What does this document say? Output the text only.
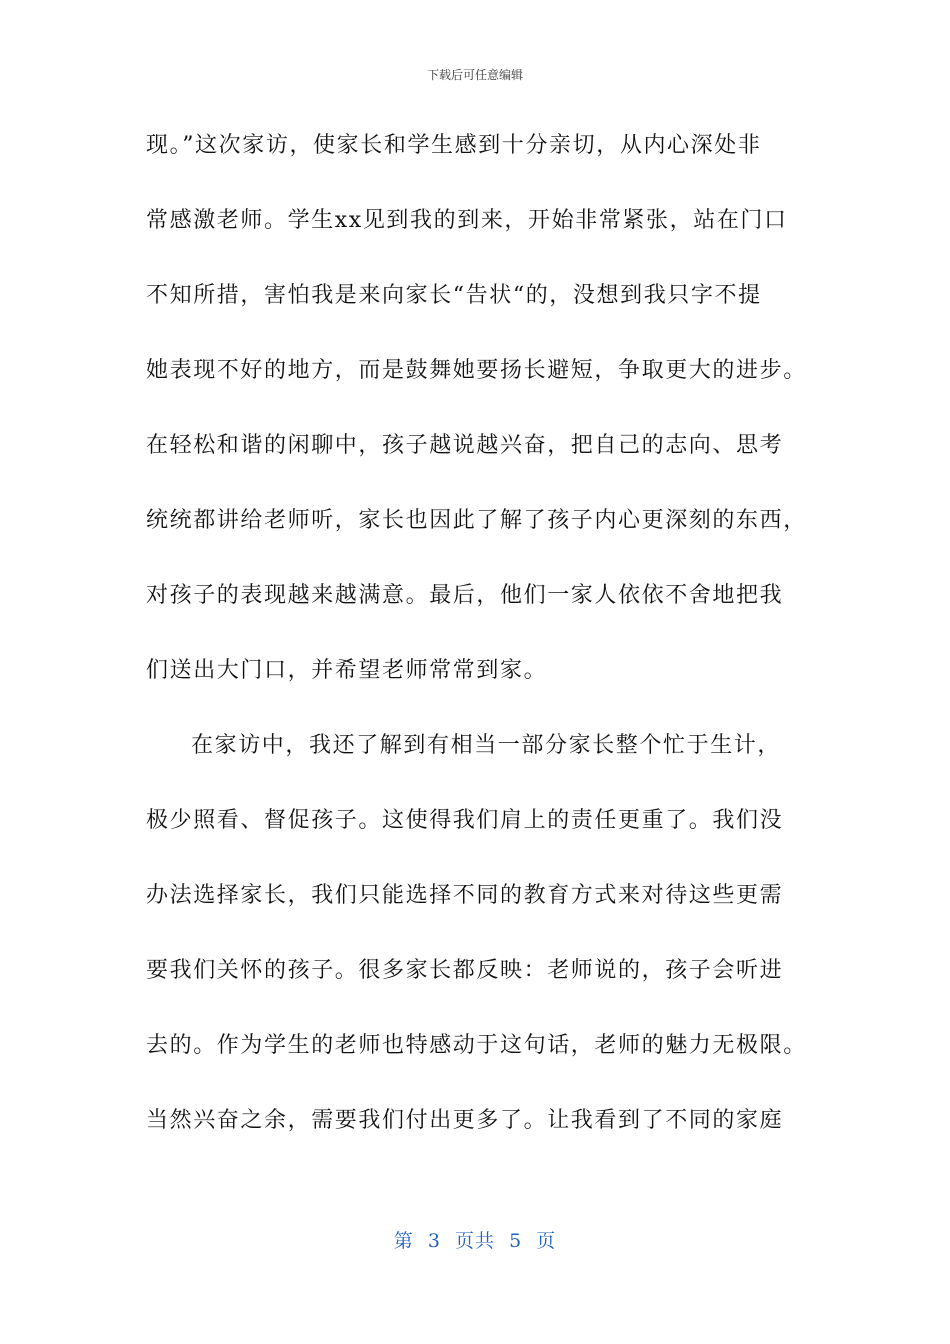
下载后可任意编辑
现。”这次家访，使家长和学生感到十分亲切，从内心深处非
常感激老师。学生xx见到我的到来，开始非常紧张，站在门口
不知所措，害怕我是来向家长“告状“的，没想到我只字不提
她表现不好的地方，而是鼓舞她要扬长避短，争取更大的进步。
在轻松和谐的闲聊中，孩子越说越兴奋，把自己的志向、思考
统统都讲给老师听，家长也因此了解了孩子内心更深刻的东西，
对孩子的表现越来越满意。最后，他们一家人依依不舍地把我
们送出大门口，并希望老师常常到家。
在家访中，我还了解到有相当一部分家长整个忙于生计，
极少照看、督促孩子。这使得我们肩上的责任更重了。我们没
办法选择家长，我们只能选择不同的教育方式来对待这些更需
要我们关怀的孩子。很多家长都反映：老师说的，孩子会听进
去的。作为学生的老师也特感动于这句话，老师的魅力无极限。
当然兴奋之余，需要我们付出更多了。让我看到了不同的家庭
第  3  页共  5  页
